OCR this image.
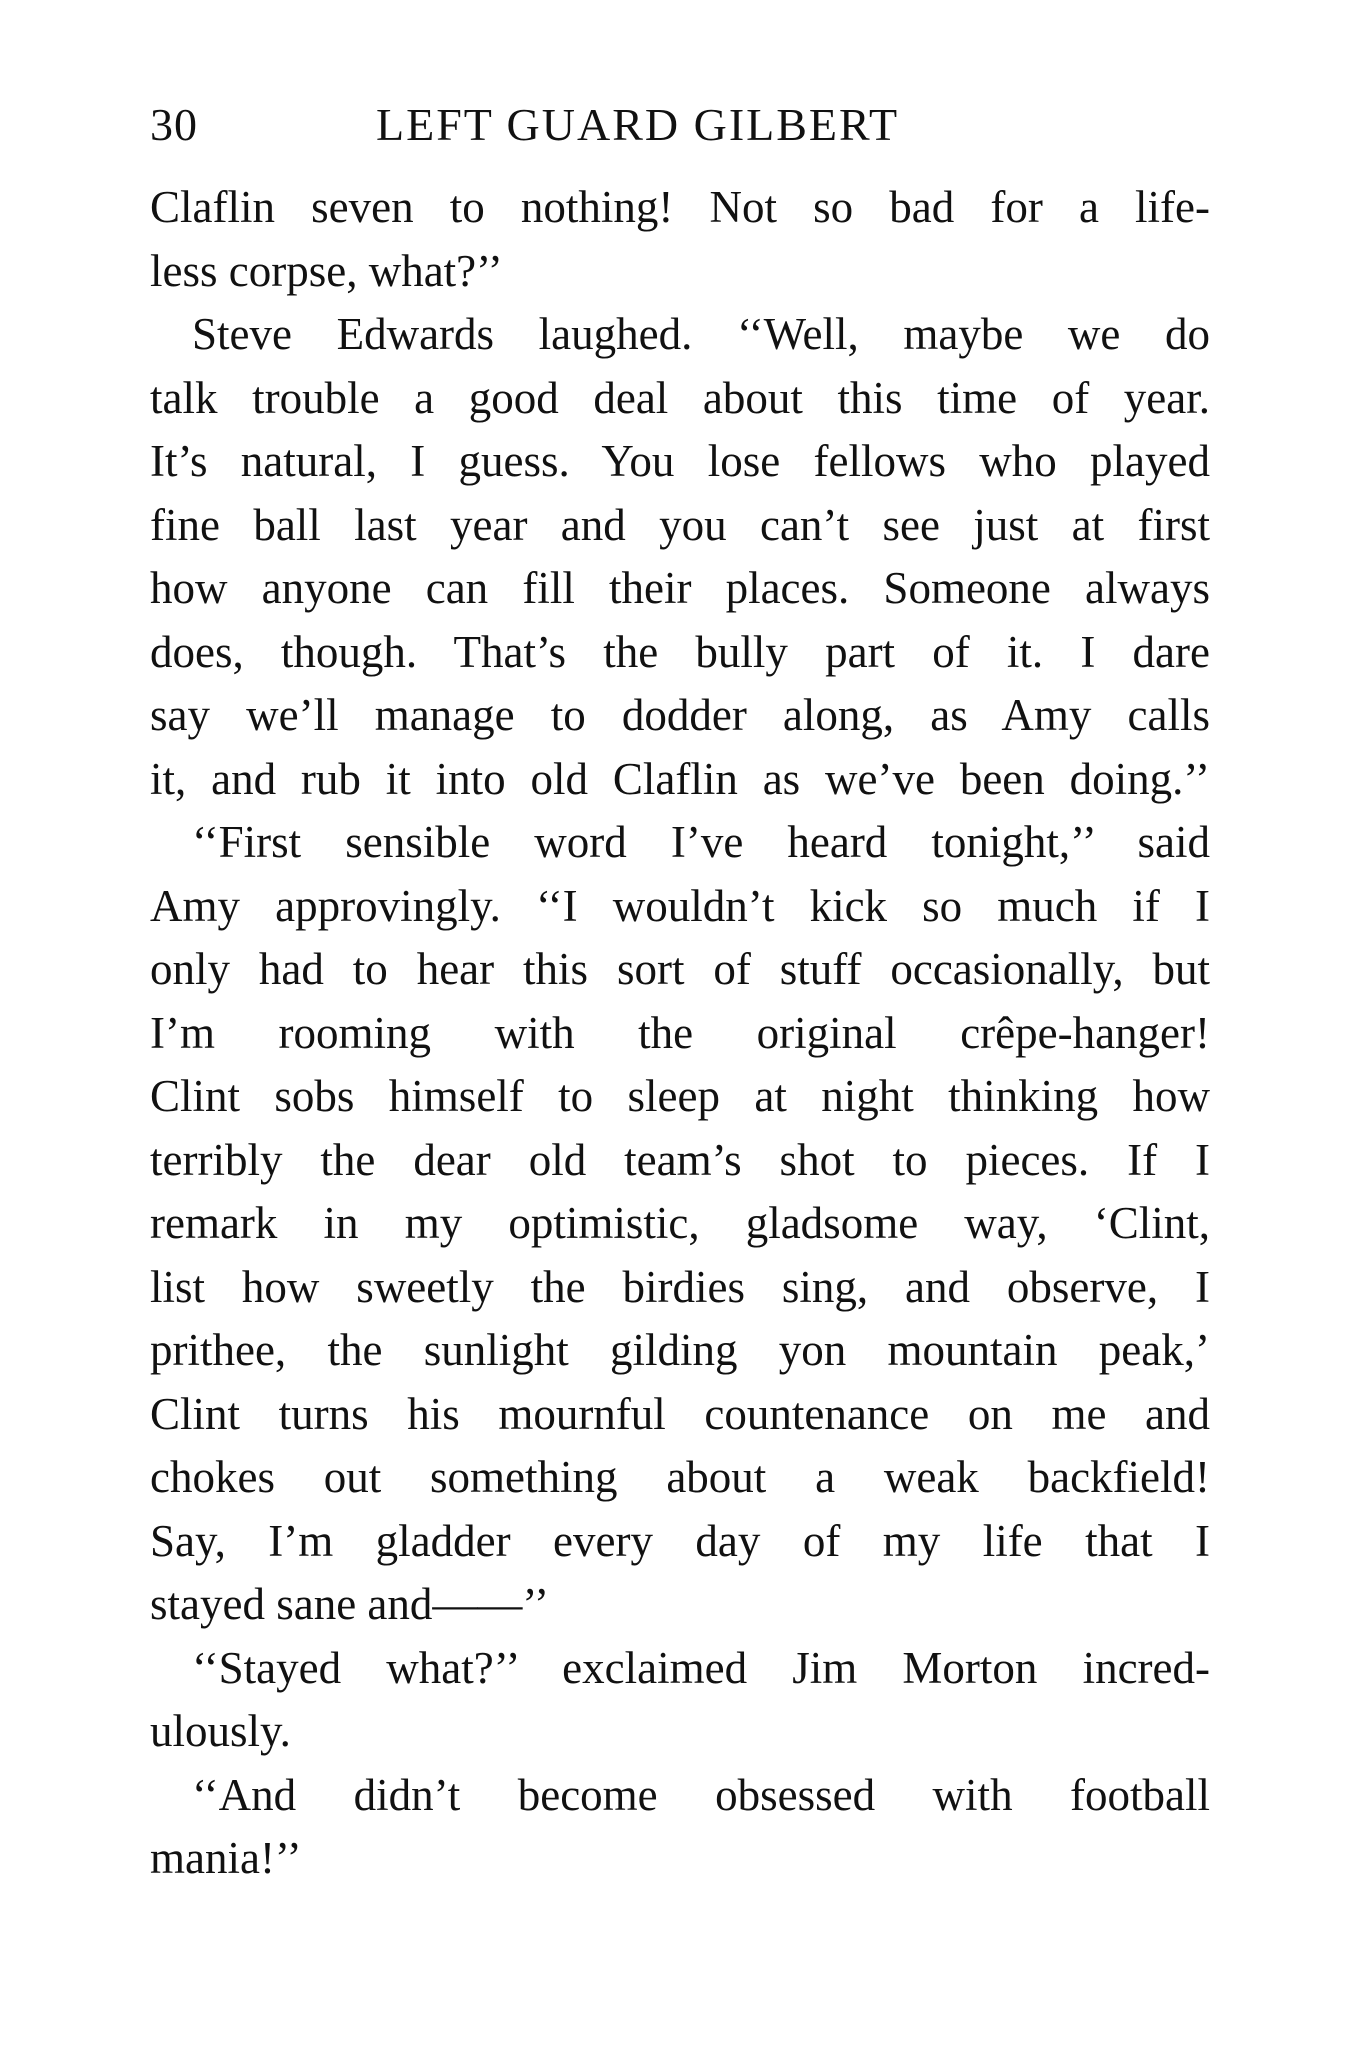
30	LEFT GUARD GILBERT
Claflin seven to nothing! Not so bad for a life-
less corpse, what?’’
Steve Edwards laughed. ‘‘Well, maybe we do
talk trouble a good deal about this time of year.
It’s natural, I guess. You lose fellows who played
fine ball last year and you can’t see just at first
how anyone can fill their places. Someone always
does, though. That’s the bully part of it. I dare
say we’ll manage to dodder along, as Amy calls
it, and rub it into old Claflin as we’ve been doing.’’
‘‘First sensible word I’ve heard tonight,’’ said
Amy approvingly. ‘‘I wouldn’t kick so much if I
only had to hear this sort of stuff occasionally, but
I’m rooming with the original crêpe-hanger!
Clint sobs himself to sleep at night thinking how
terribly the dear old team’s shot to pieces. If I
remark in my optimistic, gladsome way, ‘Clint,
list how sweetly the birdies sing, and observe, I
prithee, the sunlight gilding yon mountain peak,’
Clint turns his mournful countenance on me and
chokes out something about a weak backfield!
Say, I’m gladder every day of my life that I
stayed sane and——’’
‘‘Stayed what?’’ exclaimed Jim Morton incred-
ulously.
‘‘And didn’t become obsessed with football
mania!’’
